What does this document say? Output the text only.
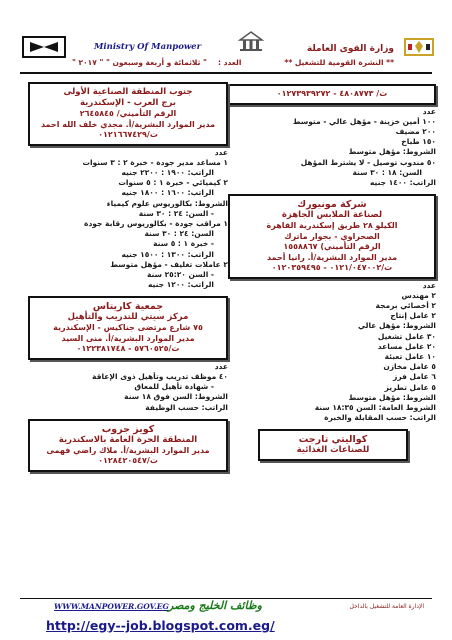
وزارة القوى العاملة
** النشرة القومية للتشغيل **
العدد :
" ثلاثمائة و أربعة وسبعون " " ٢٠١٧ "
Ministry Of Manpower
ت/ ٤٨٠٨٧٧٣ - ٠١٢٧٣٩٣٩٢٧٢
عدد
١٠٠ أمين خزينة - مؤهل عالي - متوسط
٢٠٠ مضيف
١٥٠ طباخ
الشروط: مؤهل متوسط
٥٠ مندوب توصيل - لا يشترط المؤهل
السن: ١٨ : ٣٠ سنة
الراتب: ١٤٠٠ جنيه
شركة مونيورك
لصناعة الملابس الجاهزة
الكيلو ٢٨ طريق إسكندرية القاهرة
الصحراوي - بجوار ماترك
الرقم التأميني) ١٥٥٨٨٦٧
مدير الموارد البشرية/أ. رانيا أحمد
ت/٠١٢١/٠٤٧٠٠٢ - ٠١٢٠٣٥٩٤٩٥
عدد
٢ مهندس
٢ أخصائي برمجة
٢ عامل إنتاج
الشروط: مؤهل عالي
٣٠ عامل تشغيل
٢٠ عامل مساعد
١٠ عامل تعبئة
٥ عامل مخازن
٦ عامل فرز
٥ عامل تطريز
الشروط: مؤهل متوسط
الشروط العامة: السن ١٨:٣٥ سنة
الراتب: حسب المقابلة والخبرة
كواليتي تارجت
للصناعات الغذائية
جنوب المنطقة الصناعية الأولى
برج العرب - الإسكندرية
الرقم التأميني/ ٢٦٤٥٨٤٥
مدير الموارد البشرية/أ. مجدي خلف الله احمد
ت/٠١٢١٦٦٧٤٢٩
عدد
١ مساعد مدير جودة - خبرة ٢ : ٣ سنوات
الراتب: ١٩٠٠ : ٢٢٠٠ جنيه
٢ كيميائي - خبرة ١ : ٥ سنوات
الراتب: ١٦٠٠ : ١٨٠٠ جنيه
الشروط: بكالوريوس علوم كيمياء
- السن: ٢٤ : ٣٠ سنة
١ مراقب جودة - بكالوريوس رقابة جودة
السن: ٢٤ : ٣٠ سنة
- خبرة ١ : ٥ سنة
الراتب: ١٣٠٠ : ١٥٠٠ جنيه
٢ عاملات تغليف - مؤهل متوسط
- السن ٢٥:٢٠ سنة
الراتب: ١٢٠٠ جنيه
جمعية كاريتاس
مركز سيتي للتدريب والتأهيل
٧٥ شارع مرتضى جناكيس - الإسكندرية
مدير الموارد البشرية/أ. منى السيد
ت/٥٧٦٠٥٢٥ - ٠١٢٢٣٨١٧٤٨
عدد
٤٠ موظف تدريب وتأهيل ذوى الإعاقة
- شهادة تأهيل للمعاق
الشروط: السن فوق ١٨ سنة
الراتب: حسب الوظيفة
كويز جروب
المنطقة الحرة العامة بالاسكندرية
مدير الموارد البشرية/أ. ملاك راضي فهمى
ت/٠١٢٨٤٢٠٥٤٧
WWW.MANPOWER.GOV.EG وظائف الخليج ومصر	الإدارة العامة للتشغيل بالداخل
http://egy--job.blogspot.com.eg/
